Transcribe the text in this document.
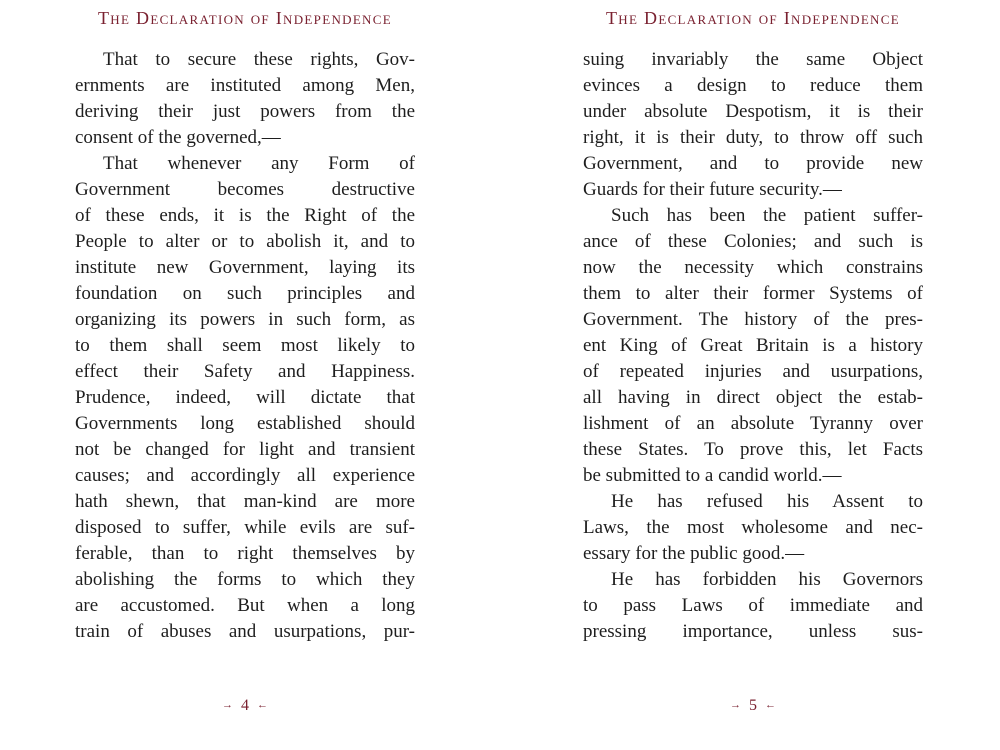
The Declaration of Independence
That to secure these rights, Gov-
ernments are instituted among Men,
deriving their just powers from the
consent of the governed,—
That whenever any Form of
Government becomes destructive
of these ends, it is the Right of the
People to alter or to abolish it, and to
institute new Government, laying its
foundation on such principles and
organizing its powers in such form, as
to them shall seem most likely to
effect their Safety and Happiness.
Prudence, indeed, will dictate that
Governments long established should
not be changed for light and transient
causes; and accordingly all experience
hath shewn, that man-kind are more
disposed to suffer, while evils are suf-
ferable, than to right themselves by
abolishing the forms to which they
are accustomed. But when a long
train of abuses and usurpations, pur-
→ 4 ←
The Declaration of Independence
suing invariably the same Object
evinces a design to reduce them
under absolute Despotism, it is their
right, it is their duty, to throw off such
Government, and to provide new
Guards for their future security.—
Such has been the patient suffer-
ance of these Colonies; and such is
now the necessity which constrains
them to alter their former Systems of
Government. The history of the pres-
ent King of Great Britain is a history
of repeated injuries and usurpations,
all having in direct object the estab-
lishment of an absolute Tyranny over
these States. To prove this, let Facts
be submitted to a candid world.—
He has refused his Assent to
Laws, the most wholesome and nec-
essary for the public good.—
He has forbidden his Governors
to pass Laws of immediate and
pressing importance, unless sus-
→ 5 ←
